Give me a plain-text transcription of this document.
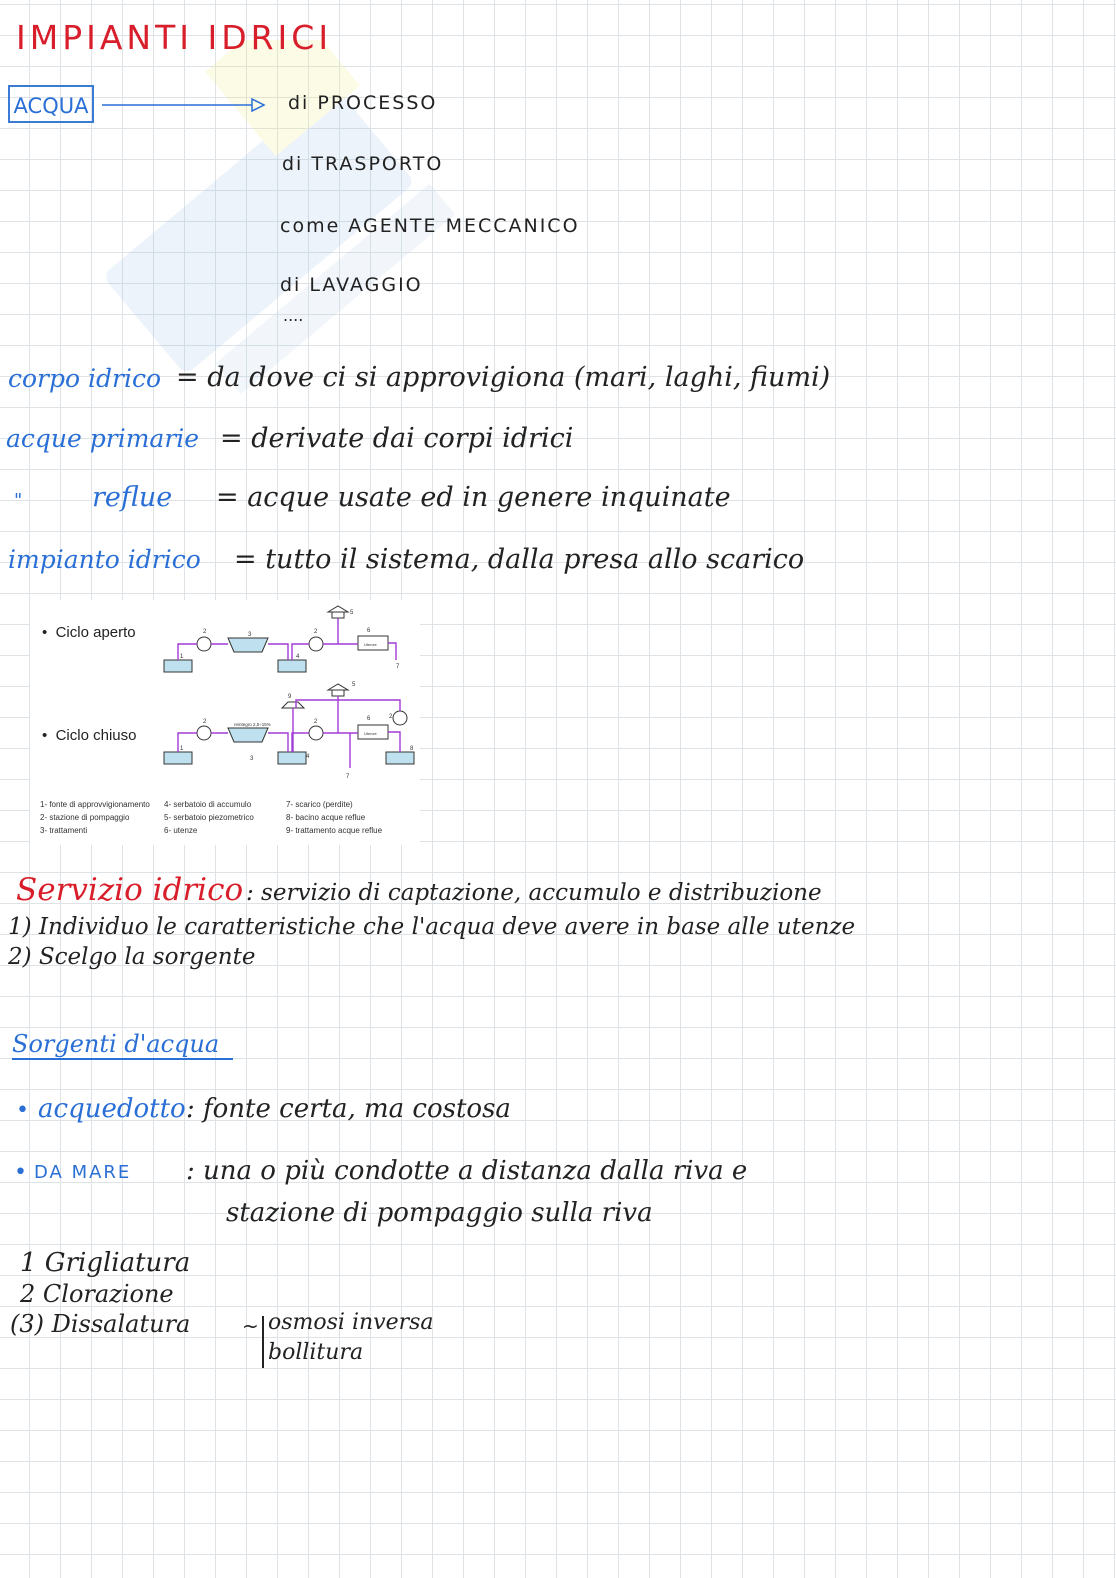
IMPIANTI IDRICI
ACQUA	di PROCESSO
di TRASPORTO
come AGENTE MECCANICO
di LAVAGGIO
....
corpo idrico = da dove ci si approvigiona (mari, laghi, fiumi)
acque primarie = derivate dai corpi idrici
"	reflue = acque usate ed in genere inquinate
impianto idrico = tutto il sistema, dalla presa allo scarico
•  Ciclo aperto
•  Ciclo chiuso
1
2	3
4
2
5
6
7
Utenze
1
2
3	4
2
5
6	2
8
9
7
reintegro 2,5÷15%
Utenze
1- fonte di approvvigionamento
2- stazione di pompaggio
3- trattamenti
4- serbatoio di accumulo
5- serbatoio piezometrico
6- utenze
7- scarico (perdite)
8- bacino acque reflue
9- trattamento acque reflue
Servizio idrico : servizio di captazione, accumulo e distribuzione
1) Individuo le caratteristiche che l'acqua deve avere in base alle utenze
2) Scelgo la sorgente
Sorgenti d'acqua
• acquedotto : fonte certa, ma costosa
• DA MARE : una o più condotte a distanza dalla riva e
stazione di pompaggio sulla riva
1 Grigliatura
2 Clorazione
(3) Dissalatura	~ osmosi inversa
bollitura
